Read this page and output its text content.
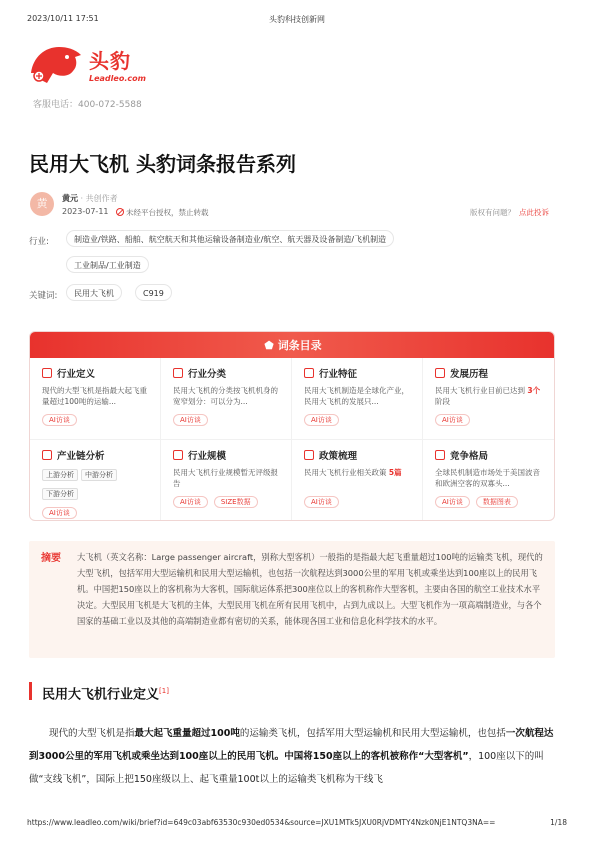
2023/10/11 17:51	头豹科技创新网
头豹
Leadleo.com
客服电话：400-072-5588
民用大飞机 头豹词条报告系列
黄	黄元 · 共创作者
2023-07-11	未经平台授权，禁止转载	版权有问题？ 点此投诉
行业:	制造业/铁路、船舶、航空航天和其他运输设备制造业/航空、航天器及设备制造/飞机制造
工业制品/工业制造
关键词:	民用大飞机	C919
⬟ 词条目录
行业定义
现代的大型飞机是指最大起飞重量超过100吨的运输...
AI访谈
行业分类
民用大飞机的分类按飞机机身的宽窄划分：可以分为...
AI访谈
行业特征
民用大飞机制造是全球化产业，民用大飞机的发展只...
AI访谈
发展历程
民用大飞机行业目前已达到 3个阶段
AI访谈
产业链分析
上游分析 中游分析下游分析
AI访谈
行业规模
民用大飞机行业规模暂无评级报告
AI访谈	SIZE数据
政策梳理
民用大飞机行业相关政策 5篇
AI访谈
竞争格局
全球民机制造市场处于美国波音和欧洲空客的双寡头...
AI访谈	数据图表
摘要 大飞机（英文名称：Large passenger aircraft，别称大型客机）一般指的是指最大起飞重量超过100吨的运输类飞机，现代的大型飞机，包括军用大型运输机和民用大型运输机，也包括一次航程达到3000公里的军用飞机或乘坐达到100座以上的民用飞机。中国把150座以上的客机称为大客机，国际航运体系把300座位以上的客机称作大型客机，主要由各国的航空工业技术水平决定。大型民用飞机是大飞机的主体，大型民用飞机在所有民用飞机中，占到九成以上。大型飞机作为一项高端制造业，与各个国家的基础工业以及其他的高端制造业都有密切的关系，能体现各国工业和信息化科学技术的水平。

民用大飞机行业定义[1]

现代的大型飞机是指最大起飞重量超过100吨的运输类飞机，包括军用大型运输机和民用大型运输机，也包括一次航程达到3000公里的军用飞机或乘坐达到100座以上的民用飞机。中国将150座以上的客机被称作“大型客机”，100座以下的叫做“支线飞机”，国际上把150座级以上、起飞重量100t以上的运输类飞机称为干线飞

https://www.leadleo.com/wiki/brief?id=649c03abf63530c930ed0534&source=JXU1MTk5JXU0RjVDMTY4Nzk0NjE1NTQ3NA==	1/18
